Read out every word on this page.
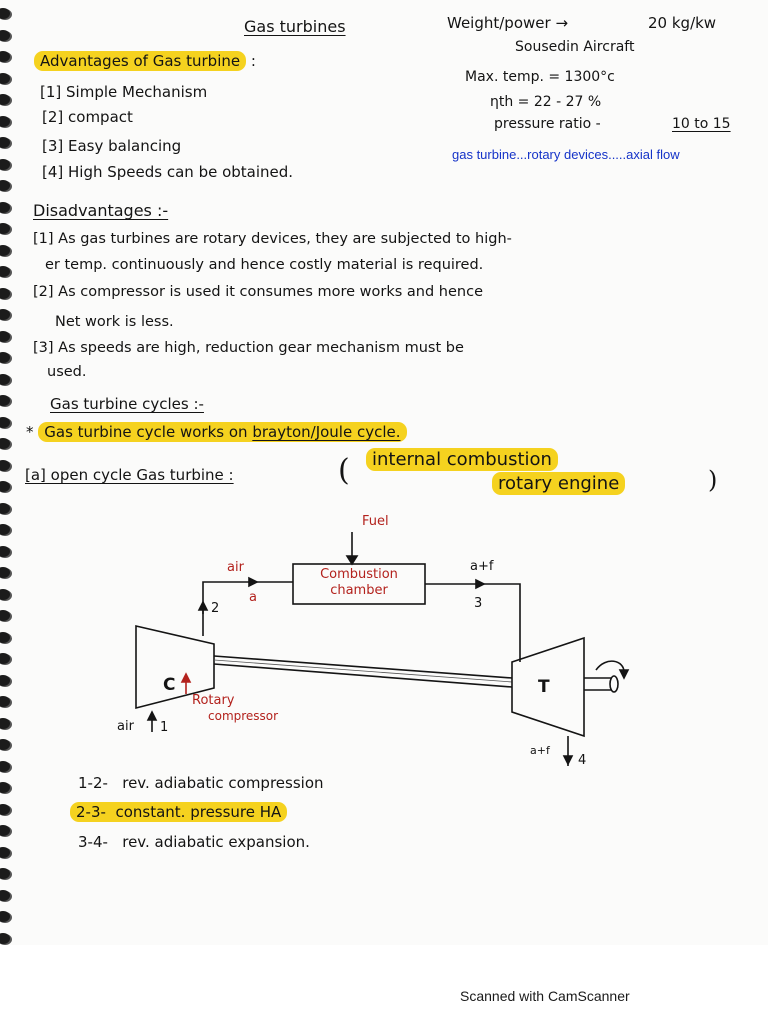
Gas turbines	Weight/power →	20 kg/kw
Sousedin Aircraft
Max. temp. = 1300°c
ηth = 22 - 27 %
pressure ratio -	10 to 15
gas turbine...rotary devices.....axial flow
Advantages of Gas turbine :
[1] Simple Mechanism
[2] compact
[3] Easy balancing
[4] High Speeds can be obtained.
Disadvantages :-
[1] As gas turbines are rotary devices, they are subjected to high-
er temp. continuously and hence costly material is required.
[2] As compressor is used it consumes more works and hence
Net work is less.
[3] As speeds are high, reduction gear mechanism must be
used.
Gas turbine cycles :-
* Gas turbine cycle works on brayton/Joule cycle.
[a] open cycle Gas turbine :	(	internal combustion
rotary engine	)
Fuel
air
a
Combustion
chamber
a+f
2	3
1
4
C	T
Rotary
compressor
air
a+f
1-2- rev. adiabatic compression
2-3- constant. pressure HA
3-4- rev. adiabatic expansion.
Scanned with CamScanner
